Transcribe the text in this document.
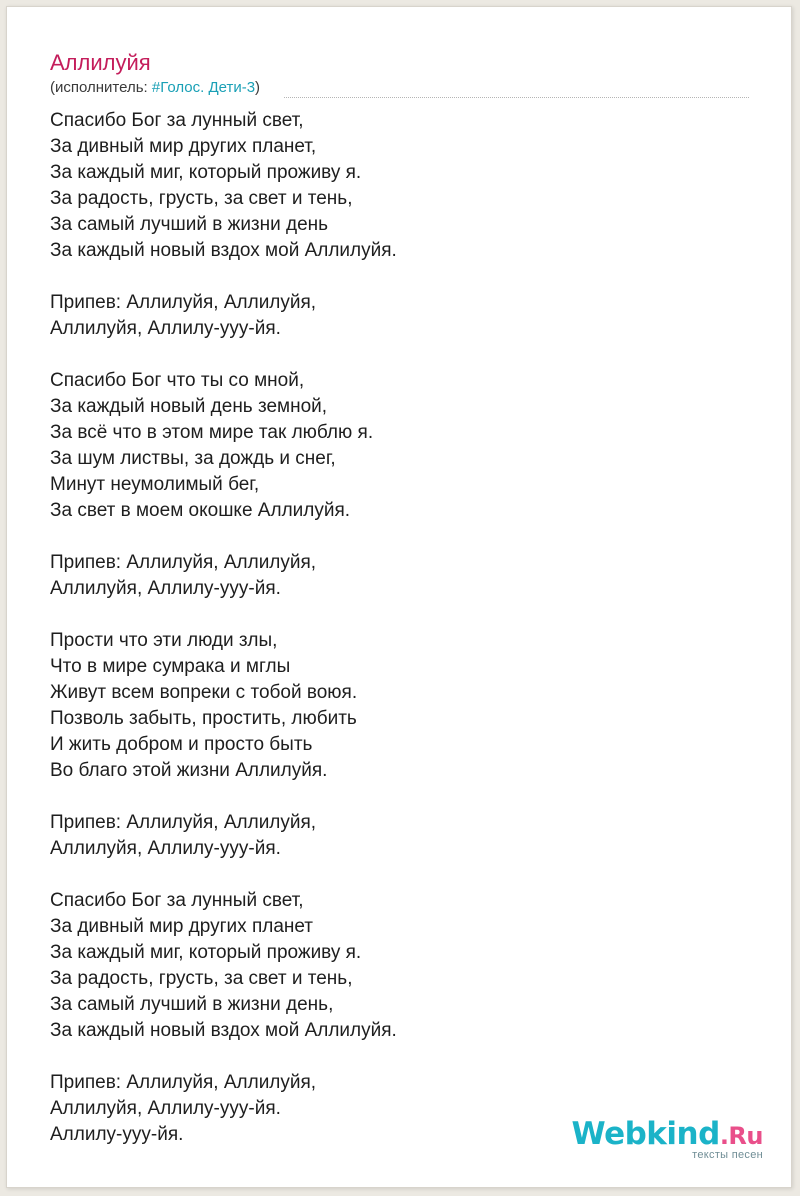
Аллилуйя
(исполнитель: #Голос. Дети-3)
Спасибо Бог за лунный свет,
За дивный мир других планет,
За каждый миг, который проживу я.
За радость, грусть, за свет и тень,
За самый лучший в жизни день
За каждый новый вздох мой Аллилуйя.
Припев: Аллилуйя, Аллилуйя,
Аллилуйя, Аллилу-ууу-йя.
Спасибо Бог что ты со мной,
За каждый новый день земной,
За всё что в этом мире так люблю я.
За шум листвы, за дождь и снег,
Минут неумолимый бег,
За свет в моем окошке Аллилуйя.
Припев: Аллилуйя, Аллилуйя,
Аллилуйя, Аллилу-ууу-йя.
Прости что эти люди злы,
Что в мире сумрака и мглы
Живут всем вопреки с тобой воюя.
Позволь забыть, простить, любить
И жить добром и просто быть
Во благо этой жизни Аллилуйя.
Припев: Аллилуйя, Аллилуйя,
Аллилуйя, Аллилу-ууу-йя.
Спасибо Бог за лунный свет,
За дивный мир других планет
За каждый миг, который проживу я.
За радость, грусть, за свет и тень,
За самый лучший в жизни день,
За каждый новый вздох мой Аллилуйя.
Припев: Аллилуйя, Аллилуйя,
Аллилуйя, Аллилу-ууу-йя.
Аллилу-ууу-йя.	Webkind.Ru
тексты песен
